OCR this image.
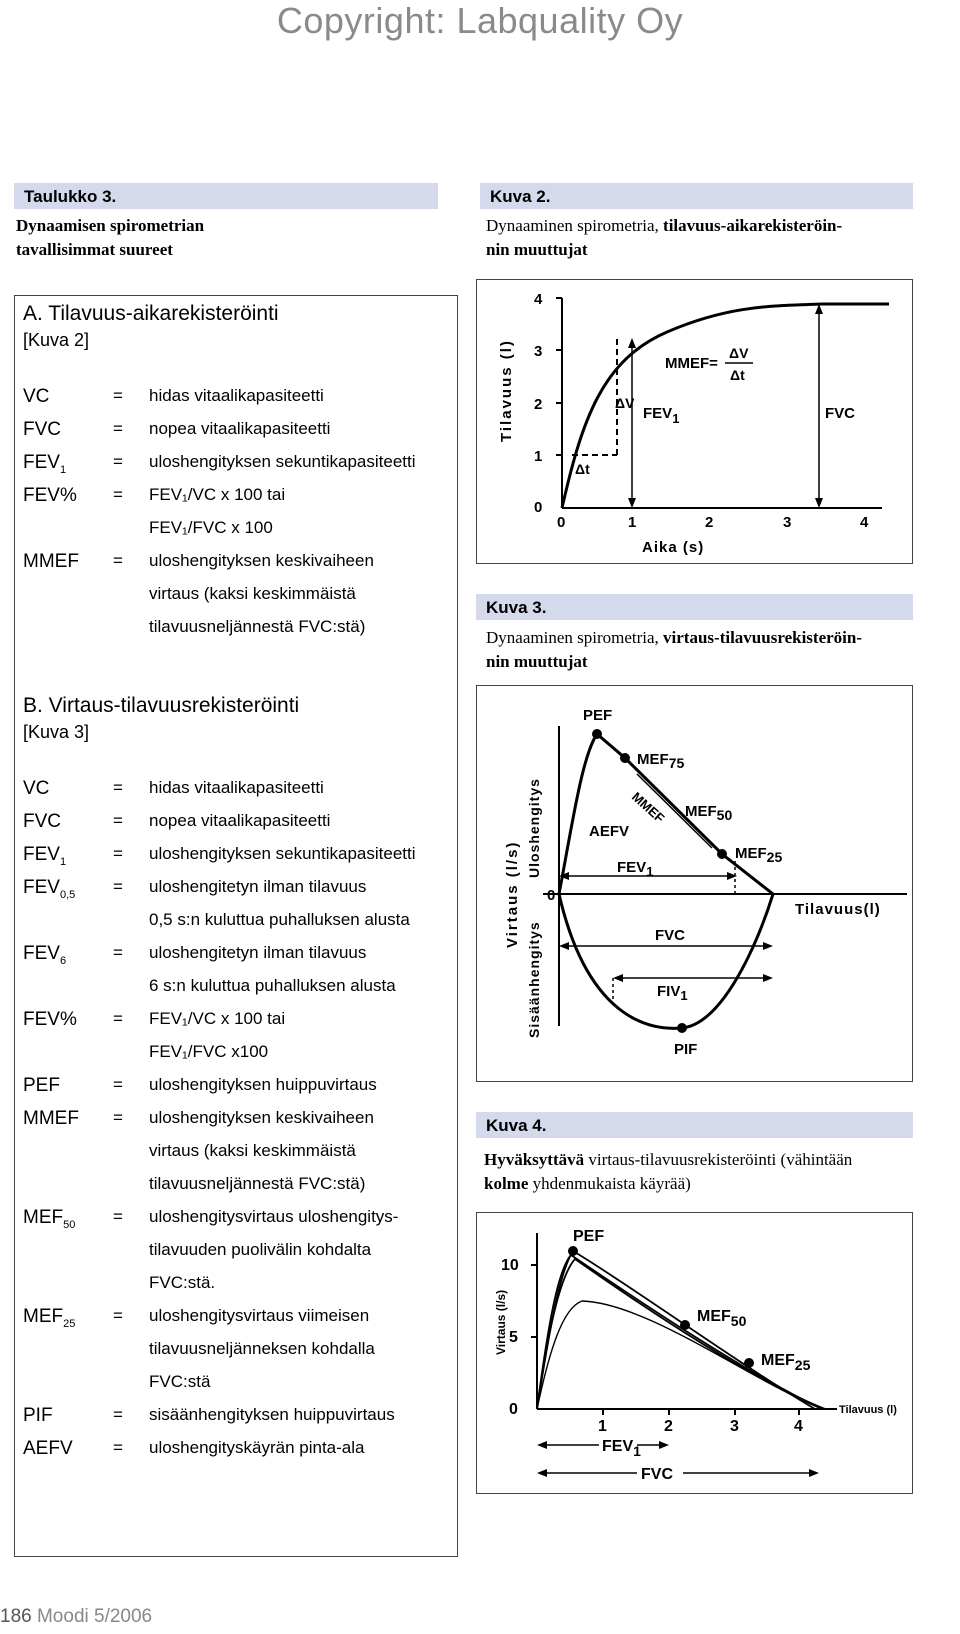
Copyright: Labquality Oy
Taulukko 3.
Dynaamisen spirometrian
tavallisimmat suureet
A. Tilavuus-aikarekisteröinti
[Kuva 2]
VC	= hidas vitaalikapasiteetti
FVC	= nopea vitaalikapasiteetti
$FEV_1$	= uloshengityksen sekuntikapasiteetti
FEV% = FEV₁/VC x 100 tai
FEV₁/FVC x 100
MMEF = uloshengityksen keskivaiheen
virtaus (kaksi keskimmäistä
tilavuusneljännestä FVC:stä)
B. Virtaus-tilavuusrekisteröinti
[Kuva 3]
VC	= hidas vitaalikapasiteetti
FVC	= nopea vitaalikapasiteetti
$FEV_1$	= uloshengityksen sekuntikapasiteetti
$FEV_{0,5}$ = uloshengitetyn ilman tilavuus
0,5 s:n kuluttua puhalluksen alusta
$FEV_6$	= uloshengitetyn ilman tilavuus
6 s:n kuluttua puhalluksen alusta
FEV% = FEV₁/VC x 100 tai
FEV₁/FVC x100
PEF	= uloshengityksen huippuvirtaus
MMEF = uloshengityksen keskivaiheen
virtaus (kaksi keskimmäistä
tilavuusneljännestä FVC:stä)
$MEF_{50}$ = uloshengitysvirtaus uloshengitys-
tilavuuden puolivälin kohdalta
FVC:stä.
$MEF_{25}$ = uloshengitysvirtaus viimeisen
tilavuusneljänneksen kohdalla
FVC:stä
PIF	= sisäänhengityksen huippuvirtaus
AEFV = uloshengityskäyrän pinta-ala
Kuva 2.
Dynaaminen spirometria, tilavuus-aikarekisteröin-
nin muuttujat
4
3
2
1
0
0	1	2	3	4
Aika (s)
Tilavuus (l)
Δt
ΔV
FEV1	FVC
MMEF=
ΔV
Δt
Kuva 3.
Dynaaminen spirometria, virtaus-tilavuusrekisteröin-
nin muuttujat
0
Tilavuus(l)
Virtaus (l/s)
Uloshengitys
Sisäänhengitys
PEF
MEF75
MMEF MEF50
AEFV
FEV1
MEF25
FVC
FIV1
PIF
Kuva 4.
Hyväksyttävä virtaus-tilavuusrekisteröinti (vähintään
kolme yhdenmukaista käyrää)
0
5
10
1	2	3	4
Tilavuus (l)
Virtaus (l/s)
PEF
MEF50
MEF25
FEV1
FVC
186 Moodi 5/2006
